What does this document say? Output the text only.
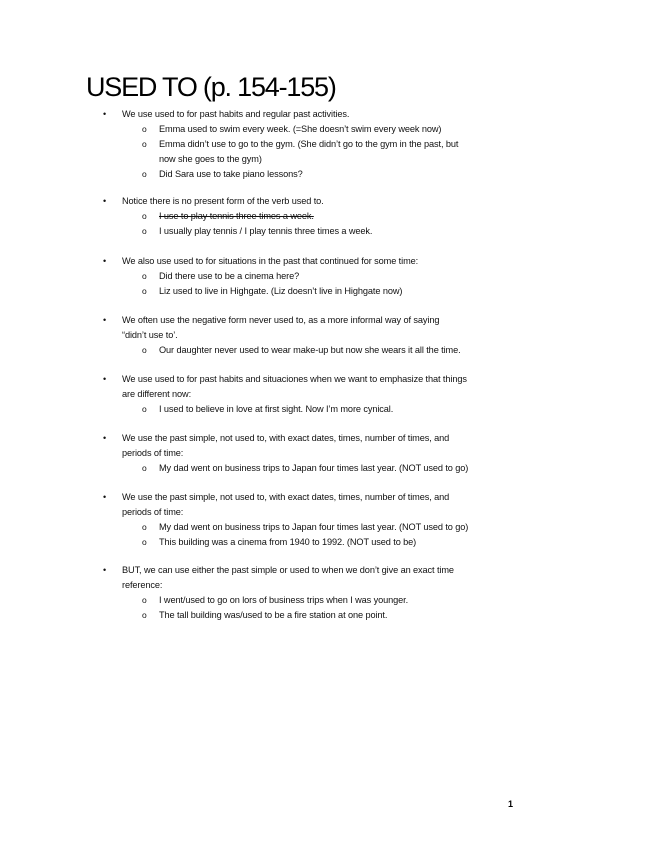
USED TO (p. 154-155)
• We use used to for past habits and regular past activities.
o Emma used to swim every week. (=She doesn’t swim every week now)
o Emma didn’t use to go to the gym. (She didn’t go to the gym in the past, but
now she goes to the gym)
o Did Sara use to take piano lessons?
• Notice there is no present form of the verb used to.
o I use to play tennis three times a week.
o I usually play tennis / I play tennis three times a week.
• We also use used to for situations in the past that continued for some time:
o Did there use to be a cinema here?
o Liz used to live in Highgate. (Liz doesn’t live in Highgate now)
• We often use the negative form never used to, as a more informal way of saying
“didn’t use to’.
o Our daughter never used to wear make-up but now she wears it all the time.
• We use used to for past habits and situaciones when we want to emphasize that things
are different now:
o I used to believe in love at first sight. Now I’m more cynical.
• We use the past simple, not used to, with exact dates, times, number of times, and
periods of time:
o My dad went on business trips to Japan four times last year. (NOT used to go)
• We use the past simple, not used to, with exact dates, times, number of times, and
periods of time:
o My dad went on business trips to Japan four times last year. (NOT used to go)
o This building was a cinema from 1940 to 1992. (NOT used to be)
• BUT, we can use either the past simple or used to when we don’t give an exact time
reference:
o I went/used to go on lors of business trips when I was younger.
o The tall building was/used to be a fire station at one point.
1
